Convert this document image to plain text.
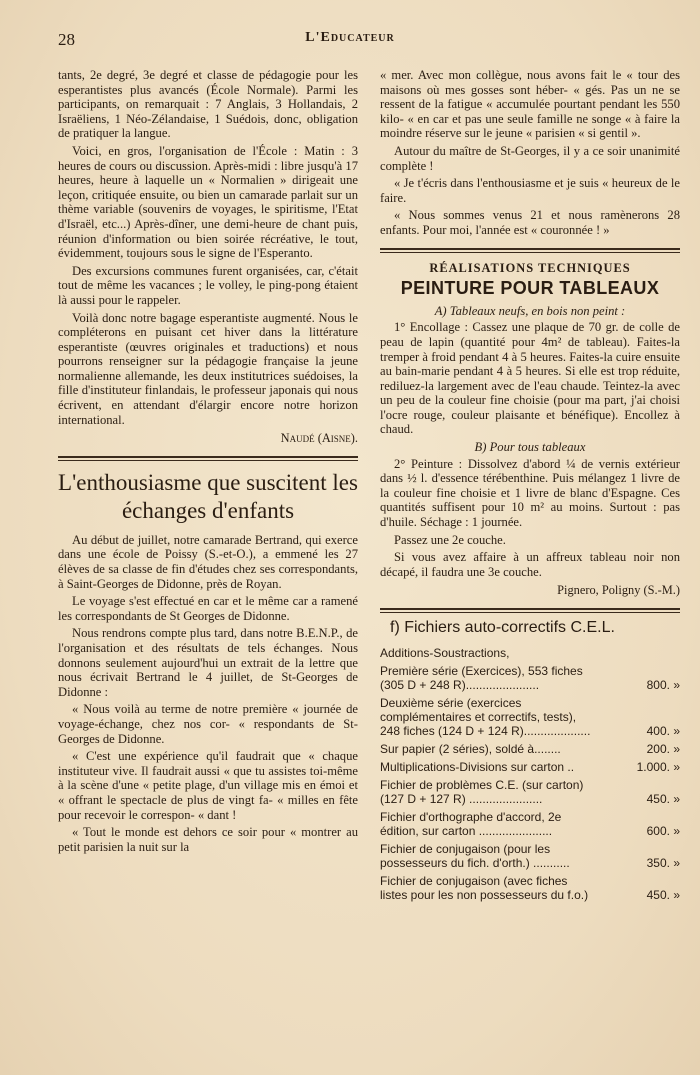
28	L'Educateur

tants, 2e degré, 3e degré et classe de pédagogie pour les esperantistes plus avancés (École Normale). Parmi les participants, on remarquait : 7 Anglais, 3 Hollandais, 2 Israëliens, 1 Néo-Zélandaise, 1 Suédois, donc, obligation de pratiquer la langue.

Voici, en gros, l'organisation de l'École : Matin : 3 heures de cours ou discussion. Après-midi : libre jusqu'à 17 heures, heure à laquelle un « Normalien » dirigeait une leçon, critiquée ensuite, ou bien un camarade parlait sur un thème variable (souvenirs de voyages, le spiritisme, l'Etat d'Israël, etc...) Après-dîner, une demi-heure de chant puis, réunion d'information ou bien soirée récréative, le tout, évidemment, toujours sous le signe de l'Esperanto.

Des excursions communes furent organisées, car, c'était tout de même les vacances ; le volley, le ping-pong étaient là aussi pour le rappeler.

Voilà donc notre bagage esperantiste augmenté. Nous le compléterons en puisant cet hiver dans la littérature esperantiste (œuvres originales et traductions) et nous pourrons renseigner sur la pédagogie française la jeune normalienne allemande, les deux institutrices suédoises, la fille d'instituteur finlandais, le professeur japonais qui nous écrivent, en attendant d'élargir encore notre horizon international.

Naudé (Aisne).
L'enthousiasme que suscitent les échanges d'enfants

Au début de juillet, notre camarade Bertrand, qui exerce dans une école de Poissy (S.-et-O.), a emmené les 27 élèves de sa classe de fin d'études chez ses correspondants, à Saint-Georges de Didonne, près de Royan.

Le voyage s'est effectué en car et le même car a ramené les correspondants de St Georges de Didonne.

Nous rendrons compte plus tard, dans notre B.E.N.P., de l'organisation et des résultats de tels échanges. Nous donnons seulement aujourd'hui un extrait de la lettre que nous écrivait Bertrand le 4 juillet, de St-Georges de Didonne :

« Nous voilà au terme de notre première « journée de voyage-échange, chez nos cor- « respondants de St-Georges de Didonne.

« C'est une expérience qu'il faudrait que « chaque instituteur vive. Il faudrait aussi « que tu assistes toi-même à la scène d'une « petite plage, d'un village mis en émoi et « offrant le spectacle de plus de vingt fa- « milles en fête pour recevoir le correspon- « dant !

« Tout le monde est dehors ce soir pour « montrer au petit parisien la nuit sur la

« mer. Avec mon collègue, nous avons fait le « tour des maisons où mes gosses sont héber- « gés. Pas un ne se ressent de la fatigue « accumulée pourtant pendant les 550 kilo- « en car et pas une seule famille ne songe « à faire la moindre réserve sur le jeune « parisien « si gentil ».

Autour du maître de St-Georges, il y a ce soir unanimité complète !

« Je t'écris dans l'enthousiasme et je suis « heureux de le faire.

« Nous sommes venus 21 et nous ramènerons 28 enfants. Pour moi, l'année est « couronnée ! »

RÉALISATIONS TECHNIQUES
PEINTURE POUR TABLEAUX
A) Tableaux neufs, en bois non peint :

1° Encollage : Cassez une plaque de 70 gr. de colle de peau de lapin (quantité pour 4m² de tableau). Faites-la tremper à froid pendant 4 à 5 heures. Faites-la cuire ensuite au bain-marie pendant 4 à 5 heures. Si elle est trop réduite, rediluez-la largement avec de l'eau chaude. Teintez-la avec un peu de la couleur fine choisie (pour ma part, j'ai choisi l'ocre rouge, couleur plaisante et bénéfique). Encollez à chaud.

B) Pour tous tableaux

2° Peinture : Dissolvez d'abord ¼ de vernis extérieur dans ½ l. d'essence térébenthine. Puis mélangez 1 livre de la couleur fine choisie et 1 livre de blanc d'Espagne. Ces quantités suffisent pour 10 m² au moins. Surtout : pas d'huile. Séchage : 1 journée.

Passez une 2e couche.

Si vous avez affaire à un affreux tableau noir non décapé, il faudra une 3e couche.

Pignero, Poligny (S.-M.)
f) Fichiers auto-correctifs C.E.L.
Additions-Soustractions,
Première série (Exercices), 553 fiches (305 D + 248 R)......................	800. »
Deuxième série (exercices complémentaires et correctifs, tests), 248 fiches (124 D + 124 R)....................	400. »
Sur papier (2 séries), soldé à........	200. »
Multiplications-Divisions sur carton ..	1.000. »
Fichier de problèmes C.E. (sur carton) (127 D + 127 R) ......................	450. »
Fichier d'orthographe d'accord, 2e édition, sur carton ......................	600. »
Fichier de conjugaison (pour les possesseurs du fich. d'orth.) ...........	350. »
Fichier de conjugaison (avec fiches listes pour les non possesseurs du f.o.)	450. »
